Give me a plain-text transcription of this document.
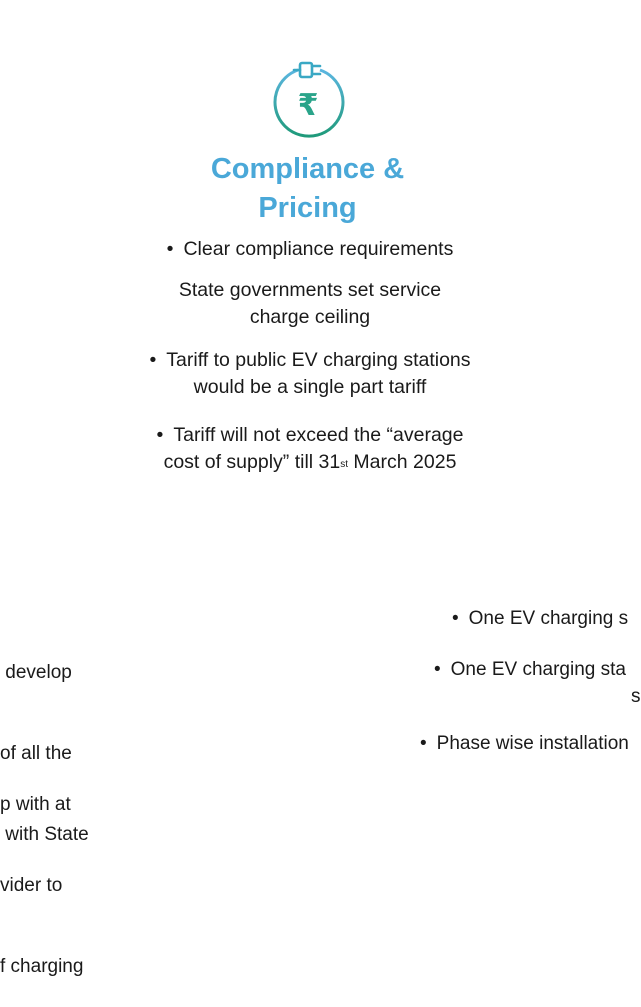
₹
Compliance &
Pricing
• Clear compliance requirements
State governments set service
charge ceiling
• Tariff to public EV charging stations
would be a single part tariff
• Tariff will not exceed the “average
cost of supply” till 31st March 2025

develop

of all the

with State

p with at

vider to

f charging

• One EV charging s
• One EV charging sta
s
• Phase wise installation
